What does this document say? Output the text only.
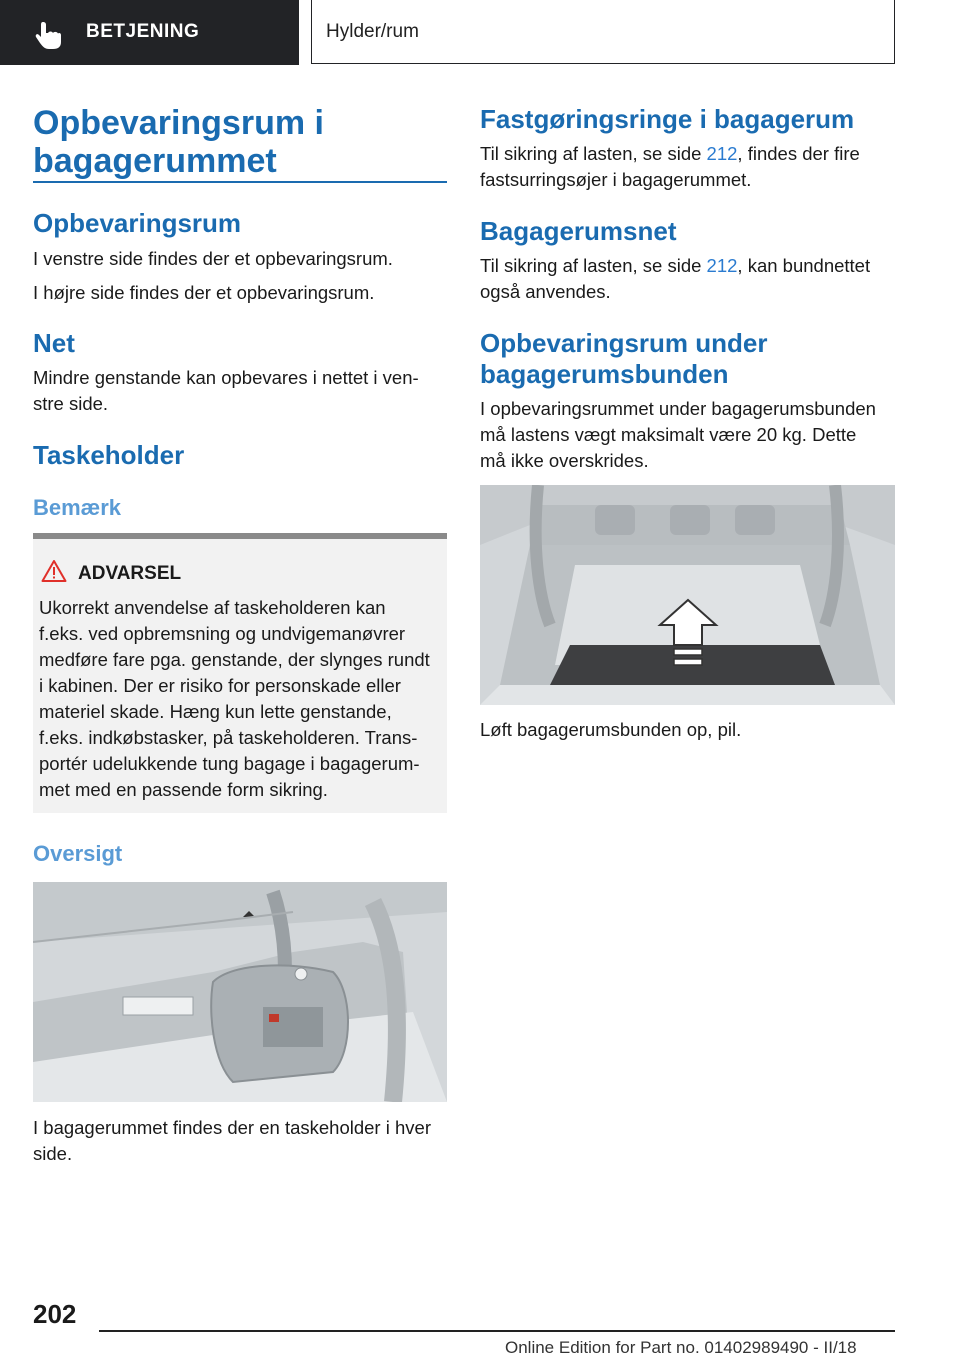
BETJENING	Hylder/rum
Opbevaringsrum i
bagagerummet
Opbevaringsrum

I venstre side findes der et opbevaringsrum.

I højre side findes der et opbevaringsrum.

Net

Mindre genstande kan opbevares i nettet i ven‐

stre side.

Taskeholder
Bemærk
ADVARSEL
Ukorrekt anvendelse af taskeholderen kan
f.eks. ved opbremsning og undvigemanøvrer
medføre fare pga. genstande, der slynges rundt
i kabinen. Der er risiko for personskade eller
materiel skade. Hæng kun lette genstande,
f.eks. indkøbstasker, på taskeholderen. Trans‐
portér udelukkende tung bagage i bagagerum‐
met med en passende form sikring.
Oversigt

I bagagerummet findes der en taskeholder i hver

side.

Fastgøringsringe i bagagerum

Til sikring af lasten, se side 212, findes der fire

fastsurringsøjer i bagagerummet.

Bagagerumsnet

Til sikring af lasten, se side 212, kan bundnettet

også anvendes.

Opbevaringsrum under
bagagerumsbunden

I opbevaringsrummet under bagagerumsbunden

må lastens vægt maksimalt være 20 kg. Dette

må ikke overskrides.

Løft bagagerumsbunden op, pil.

202
Online Edition for Part no. 01402989490 - II/18
